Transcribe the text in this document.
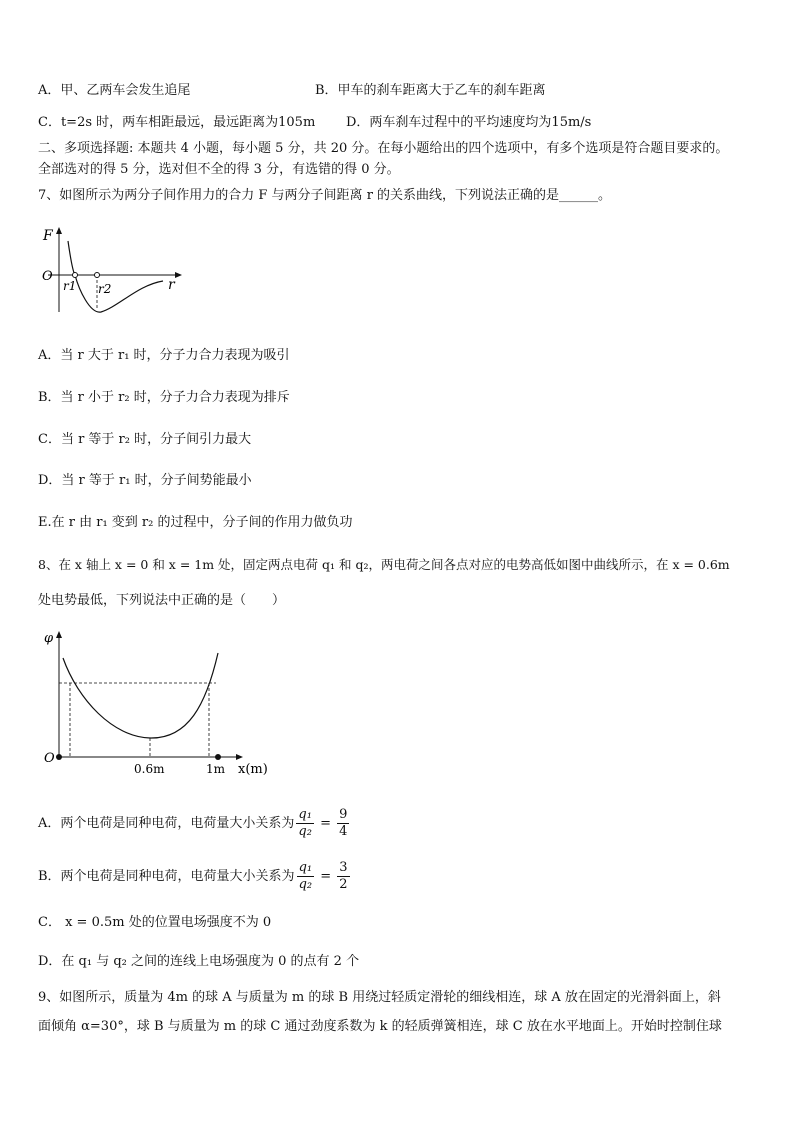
A．甲、乙两车会发生追尾	B．甲车的刹车距离大于乙车的刹车距离
C．t=2s 时，两车相距最远，最远距离为105m D．两车刹车过程中的平均速度均为15m/s
二、多项选择题: 本题共 4 小题，每小题 5 分，共 20 分。在每小题给出的四个选项中，有多个选项是符合题目要求的。
全部选对的得 5 分，选对但不全的得 3 分，有选错的得 0 分。
7、如图所示为两分子间作用力的合力 F 与两分子间距离 r 的关系曲线，下列说法正确的是______。
F
O
r1 r2	r
A．当 r 大于 r₁ 时，分子力合力表现为吸引
B．当 r 小于 r₂ 时，分子力合力表现为排斥
C．当 r 等于 r₂ 时，分子间引力最大
D．当 r 等于 r₁ 时，分子间势能最小
E.在 r 由 r₁ 变到 r₂ 的过程中，分子间的作用力做负功
8、在 x 轴上 x = 0 和 x = 1m 处，固定两点电荷 q₁ 和 q₂，两电荷之间各点对应的电势高低如图中曲线所示，在 x = 0.6m
处电势最低，下列说法中正确的是（　　）
φ
O
0.6m	1m x(m)
A．两个电荷是同种电荷，电荷量大小关系为 $\frac{\text{q₁}}{\text{q₂}} = \frac{9}{4}$
B．两个电荷是同种电荷，电荷量大小关系为 $\frac{\text{q₁}}{\text{q₂}} = \frac{3}{2}$
C． x = 0.5m 处的位置电场强度不为 0
D．在 q₁ 与 q₂ 之间的连线上电场强度为 0 的点有 2 个
9、如图所示，质量为 4m 的球 A 与质量为 m 的球 B 用绕过轻质定滑轮的细线相连，球 A 放在固定的光滑斜面上，斜
面倾角 α=30°，球 B 与质量为 m 的球 C 通过劲度系数为 k 的轻质弹簧相连，球 C 放在水平地面上。开始时控制住球
